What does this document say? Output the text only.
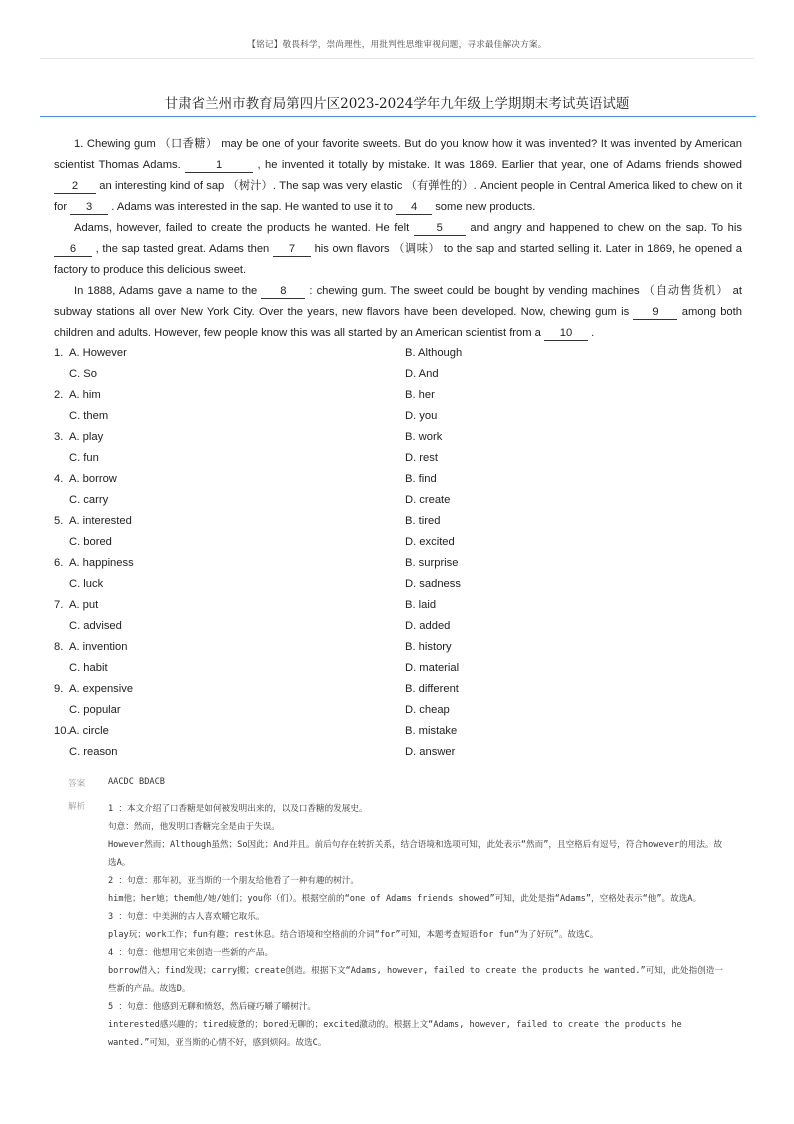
【铭记】敬畏科学，崇尚理性，用批判性思维审视问题，寻求最佳解决方案。
甘肃省兰州市教育局第四片区2023-2024学年九年级上学期期末考试英语试题

1. Chewing gum （口香糖） may be one of your favorite sweets. But do you know how it was invented? It was invented by American scientist Thomas Adams.	1	, he invented it totally by mistake. It was 1869. Earlier that year, one of Adams friends showed 2 an interesting kind of sap （树汁）. The sap was very elastic （有弹性的）. Ancient people in Central America liked to chew on it for 3 . Adams was interested in the sap. He wanted to use it to 4 some new products.

Adams, however, failed to create the products he wanted. He felt 5 and angry and happened to chew on the sap. To his 6 , the sap tasted great. Adams then 7 his own flavors （调味） to the sap and started selling it. Later in 1869, he opened a factory to produce this delicious sweet.

In 1888, Adams gave a name to the 8 : chewing gum. The sweet could be bought by vending machines （自动售货机） at subway stations all over New York City. Over the years, new flavors have been developed. Now, chewing gum is 9 among both children and adults. However, few people know this was all started by an American scientist from a 10 .

1. A. However	B. Although
C. So	D. And
2. A. him	B. her
C. them	D. you
3. A. play	B. work
C. fun	D. rest
4. A. borrow	B. find
C. carry	D. create
5. A. interested	B. tired
C. bored	D. excited
6. A. happiness	B. surprise
C. luck	D. sadness
7. A. put	B. laid
C. advised	D. added
8. A. invention	B. history
C. habit	D. material
9. A. expensive	B. different
C. popular	D. cheap
10. A. circle	B. mistake
C. reason	D. answer
答案	AACDC BDACB
解析	1 ：本文介绍了口香糖是如何被发明出来的，以及口香糖的发展史。
句意：然而，他发明口香糖完全是由于失误。
However然而；Although虽然；So因此；And并且。前后句存在转折关系，结合语境和选项可知，此处表示“然而”，且空格后有逗号，符合however的用法。故选A。
2 ：句意：那年初，亚当斯的一个朋友给他看了一种有趣的树汁。
him他；her她；them他/她/她们；you你（们）。根据空前的“one of Adams friends showed”可知，此处是指“Adams”，空格处表示“他”。故选A。
3 ：句意：中美洲的古人喜欢嚼它取乐。
play玩；work工作；fun有趣；rest休息。结合语境和空格前的介词“for”可知，本题考查短语for fun“为了好玩”。故选C。
4 ：句意：他想用它来创造一些新的产品。
borrow借入；find发现；carry搬；create创造。根据下文“Adams, however, failed to create the products he wanted.”可知，此处指创造一些新的产品。故选D。
5 ：句意：他感到无聊和愤怒，然后碰巧嚼了嚼树汁。
interested感兴趣的；tired疲惫的；bored无聊的；excited激动的。根据上文“Adams, however, failed to create the products he wanted.”可知，亚当斯的心情不好，感到烦闷。故选C。
